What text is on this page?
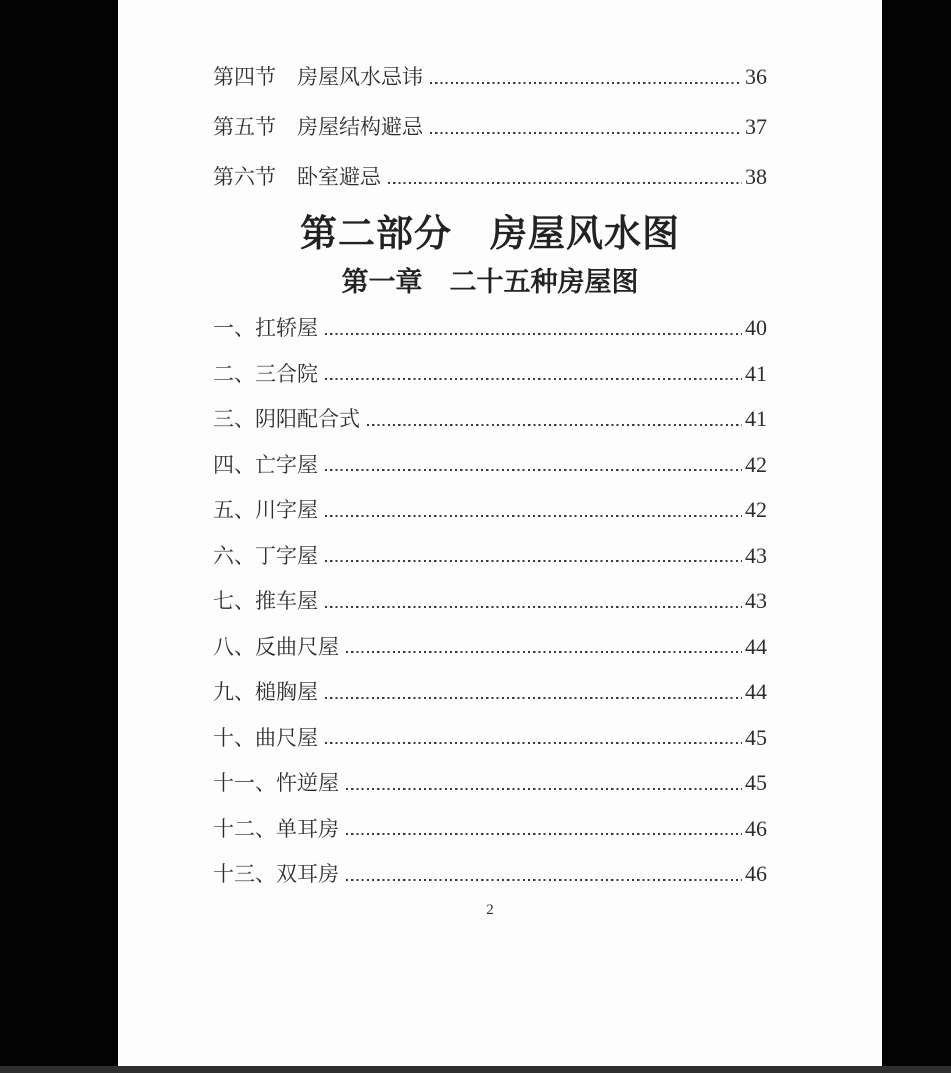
第四节　房屋风水忌讳	36
第五节　房屋结构避忌	37
第六节　卧室避忌	38
第二部分　房屋风水图
第一章　二十五种房屋图
一、扛轿屋	40
二、三合院	41
三、阴阳配合式	41
四、亡字屋	42
五、川字屋	42
六、丁字屋	43
七、推车屋	43
八、反曲尺屋	44
九、槌胸屋	44
十、曲尺屋	45
十一、忤逆屋	45
十二、单耳房	46
十三、双耳房	46
2
